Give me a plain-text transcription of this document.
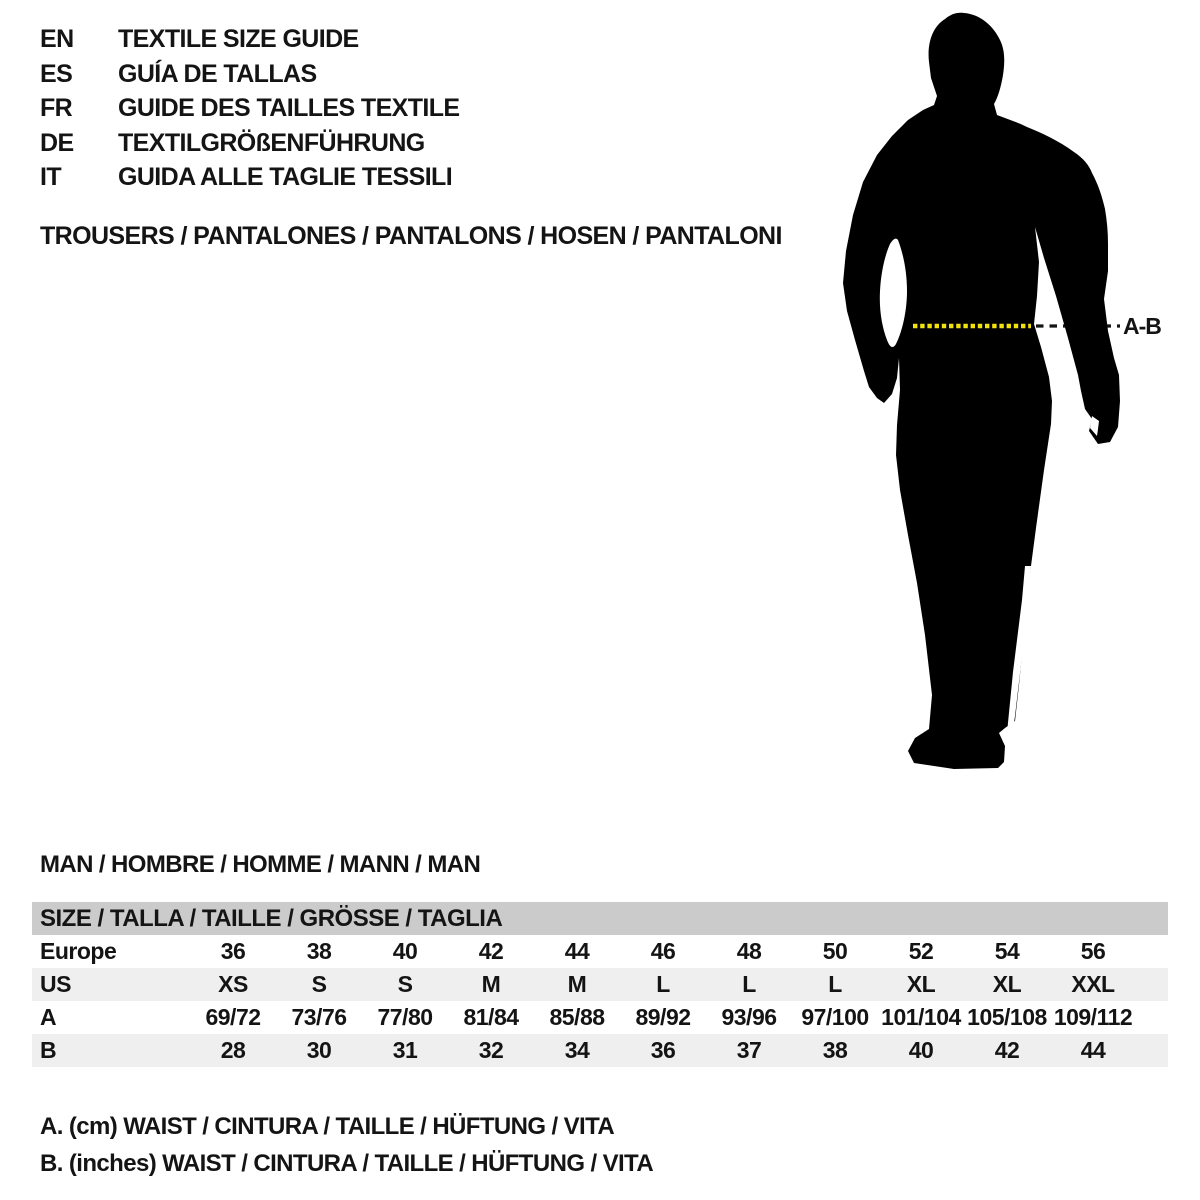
EN	TEXTILE SIZE GUIDE
ES	GUÍA DE TALLAS
FR	GUIDE DES TAILLES TEXTILE
DE	TEXTILGRÖßENFÜHRUNG
IT	GUIDA ALLE TAGLIE TESSILI
TROUSERS / PANTALONES / PANTALONS / HOSEN / PANTALONI
A-B
MAN / HOMBRE / HOMME / MANN / MAN
SIZE / TALLA / TAILLE / GRÖSSE / TAGLIA												
Europe	36	38	40	42	44	46	48	50	52	54	56	
US	XS	S	S	M	M	L	L	L	XL	XL	XXL	
A	69/72	73/76	77/80	81/84	85/88	89/92	93/96	97/100	101/104	105/108	109/112	
B	28	30	31	32	34	36	37	38	40	42	44	
A. (cm) WAIST / CINTURA / TAILLE / HÜFTUNG / VITA
B. (inches) WAIST / CINTURA / TAILLE / HÜFTUNG / VITA
